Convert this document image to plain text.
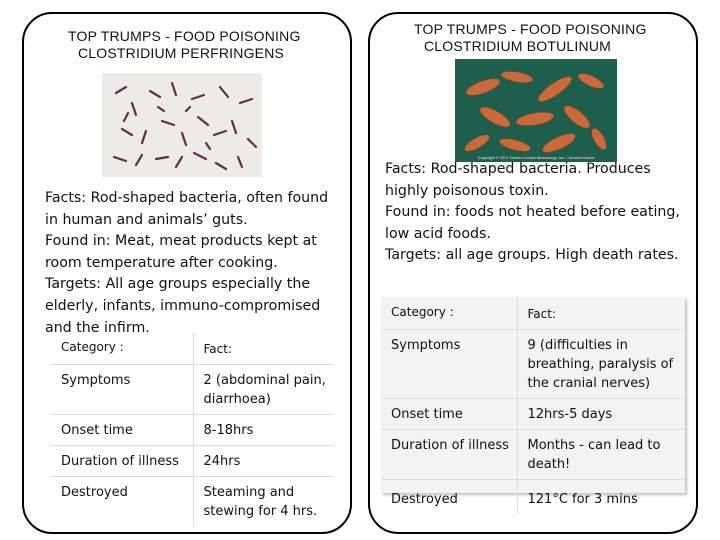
TOP TRUMPS - FOOD POISONING
CLOSTRIDIUM PERFRINGENS

Facts: Rod-shaped bacteria, often found in human and animals’ guts.

Found in: Meat, meat products kept at room temperature after cooking.

Targets: All age groups especially the elderly, infants, immuno-compromised and the infirm.

Category :	Fact:
Symptoms	2 (abdominal pain, diarrhoea)
Onset time	8-18hrs
Duration of illness	24hrs
Destroyed	Steaming and stewing for 4 hrs.
TOP TRUMPS - FOOD POISONING
CLOSTRIDIUM BOTULINUM
Copyright © 2001 Dennis Kunkel Microscopy, Inc. / Dennis Kunkel

Facts: Rod-shaped bacteria. Produces highly poisonous toxin.

Found in: foods not heated before eating, low acid foods.

Targets: all age groups. High death rates.

Category :	Fact:
Symptoms	9 (difficulties in breathing, paralysis of the cranial nerves)
Onset time	12hrs-5 days
Duration of illness	Months - can lead to death!
Destroyed	121°C for 3 mins
